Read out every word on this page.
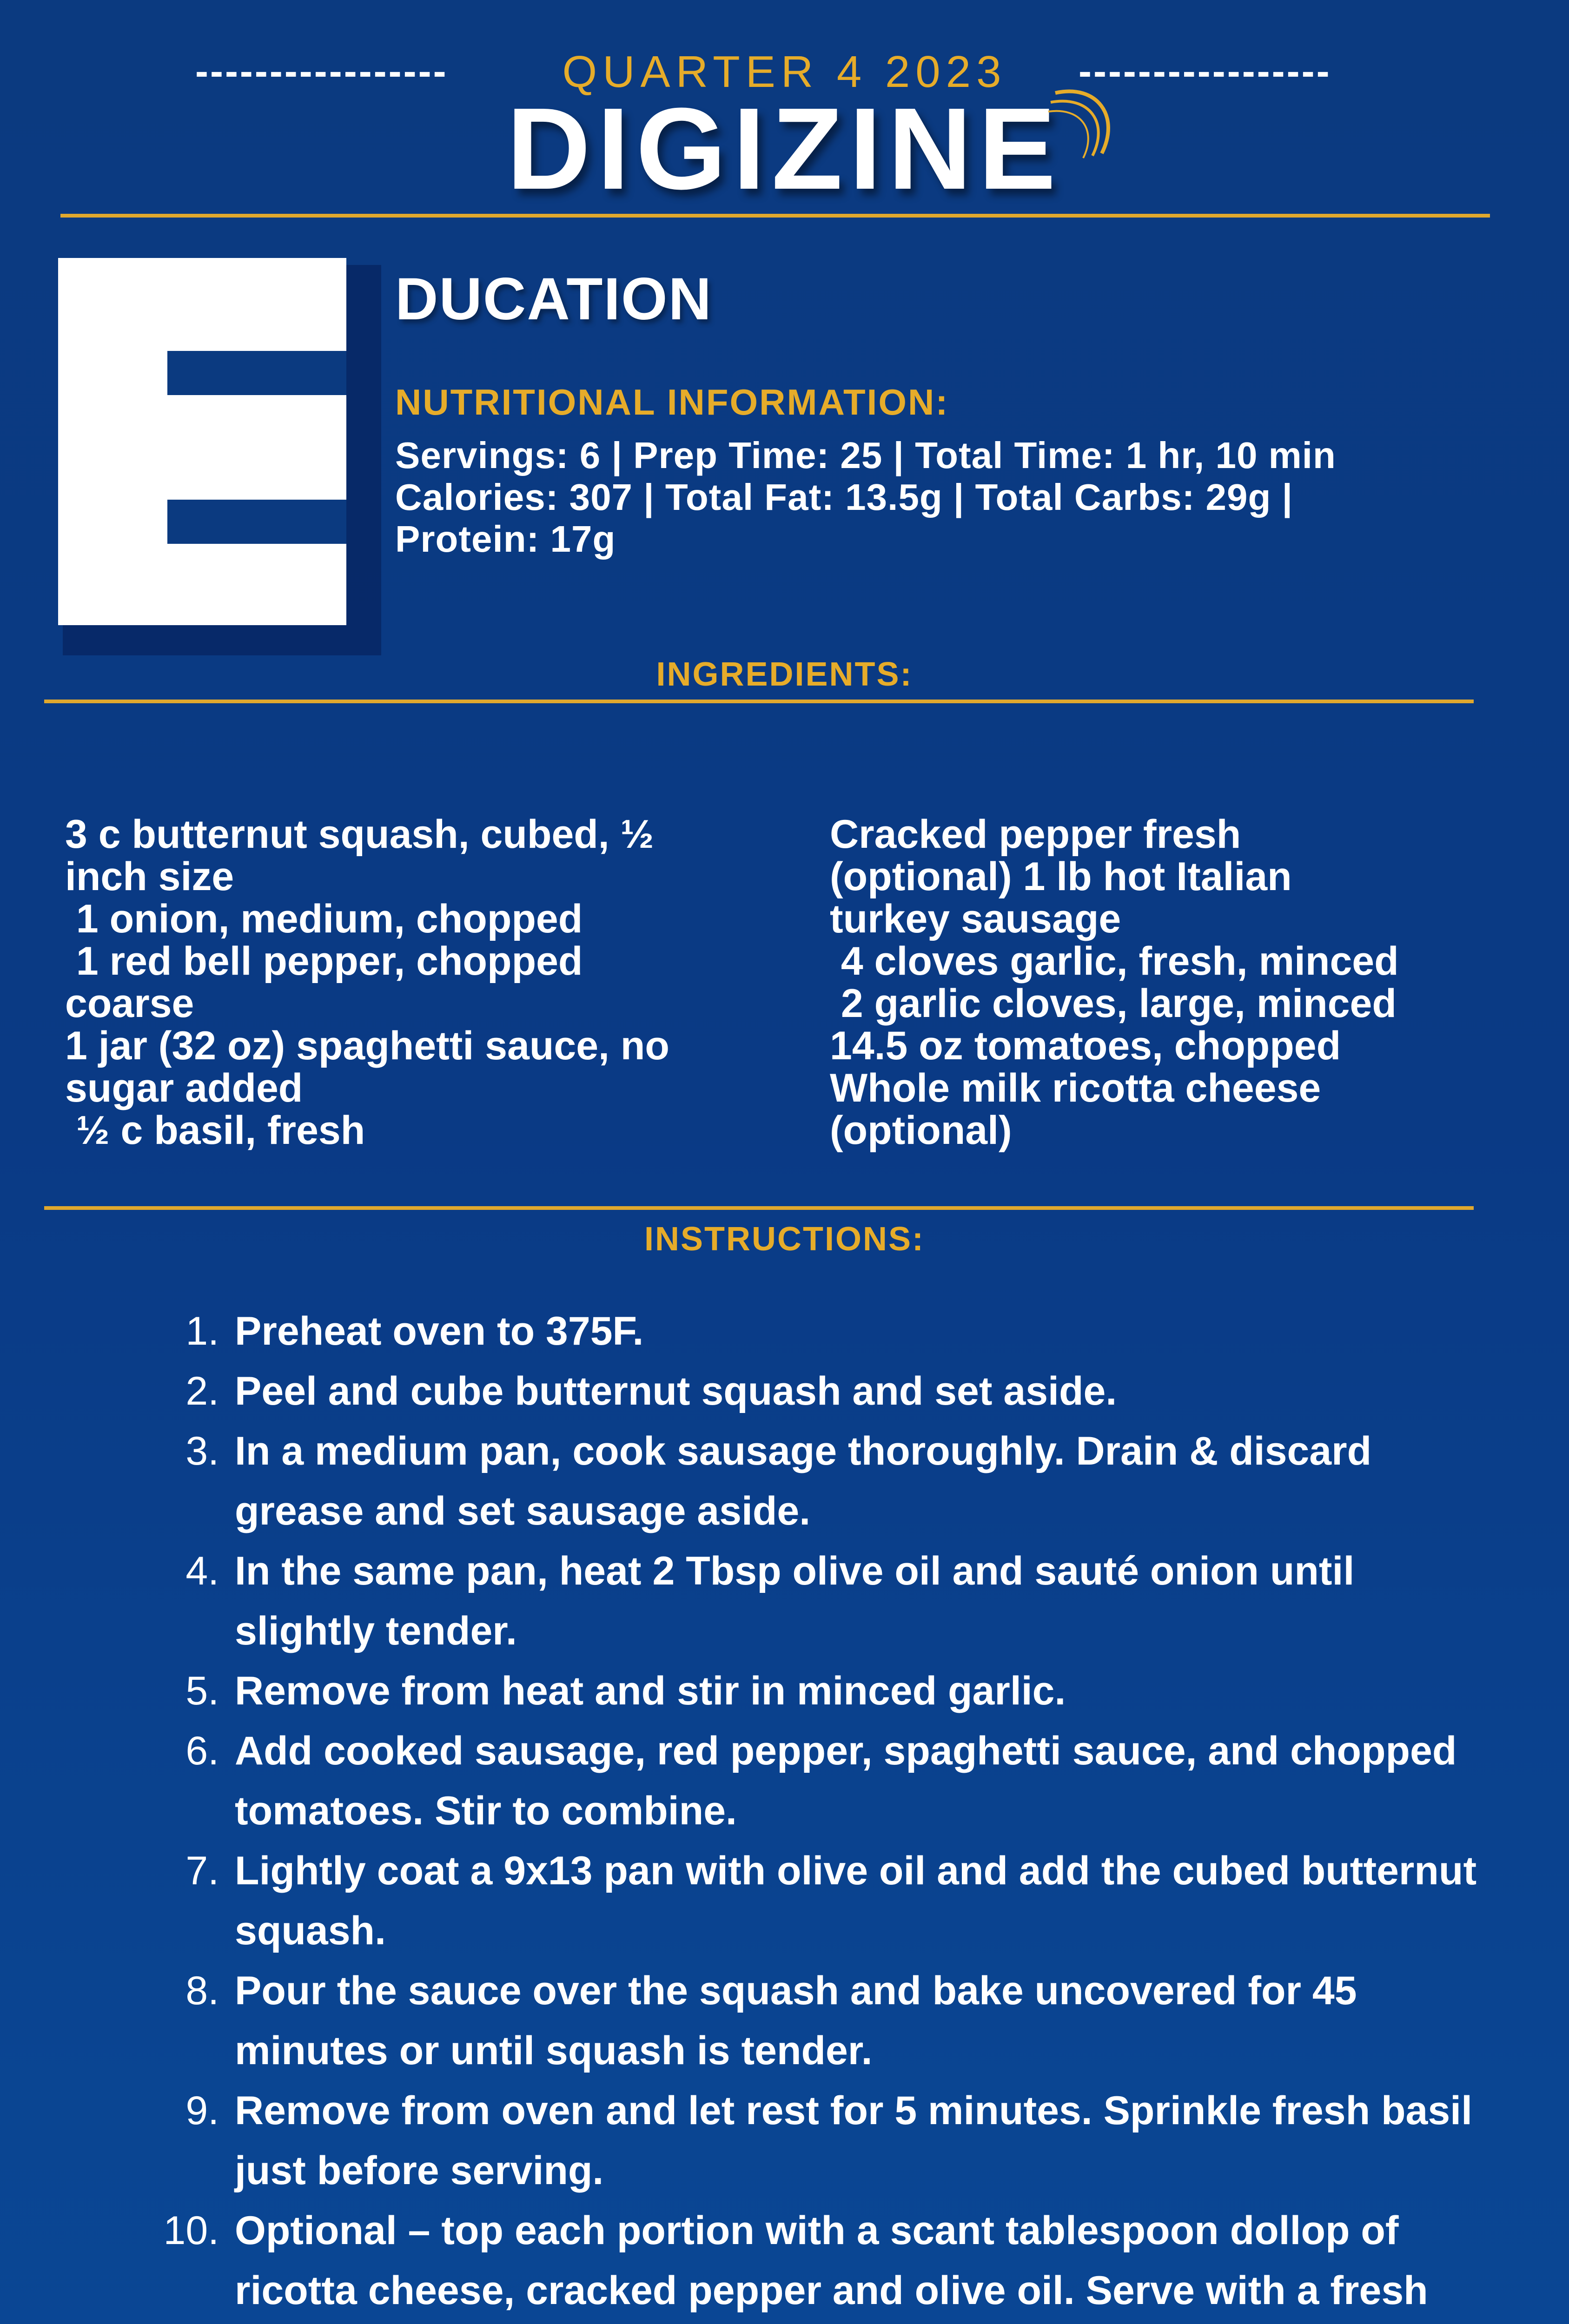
-----------------	-----------------
QUARTER 4 2023
DIGIZINE
DUCATION
NUTRITIONAL INFORMATION:
Servings: 6 | Prep Time: 25 | Total Time: 1 hr, 10 min
Calories: 307 | Total Fat: 13.5g | Total Carbs: 29g |
Protein: 17g
INGREDIENTS:
3 c butternut squash, cubed, ½
inch size
1 onion, medium, chopped
1 red bell pepper, chopped
coarse
1 jar (32 oz) spaghetti sauce, no
sugar added
½ c basil, fresh
Cracked pepper fresh
(optional) 1 lb hot Italian
turkey sausage
4 cloves garlic, fresh, minced
2 garlic cloves, large, minced
14.5 oz tomatoes, chopped
Whole milk ricotta cheese
(optional)
INSTRUCTIONS:
1. Preheat oven to 375F.
2. Peel and cube butternut squash and set aside.
3. In a medium pan, cook sausage thoroughly. Drain & discard grease and set sausage aside.
4. In the same pan, heat 2 Tbsp olive oil and sauté onion until slightly tender.
5. Remove from heat and stir in minced garlic.
6. Add cooked sausage, red pepper, spaghetti sauce, and chopped tomatoes. Stir to combine.
7. Lightly coat a 9x13 pan with olive oil and add the cubed butternut squash.
8. Pour the sauce over the squash and bake uncovered for 45 minutes or until squash is tender.
9. Remove from oven and let rest for 5 minutes. Sprinkle fresh basil just before serving.
10. Optional – top each portion with a scant tablespoon dollop of ricotta cheese, cracked pepper and olive oil. Serve with a fresh
